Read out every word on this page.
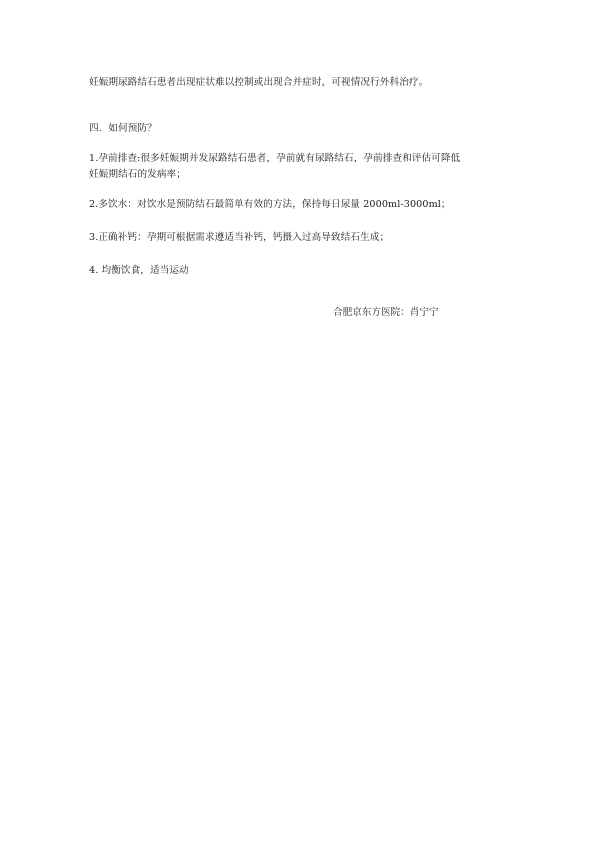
妊娠期尿路结石患者出现症状难以控制或出现合并症时，可视情况行外科治疗。
四．如何预防？
1.孕前排查:很多妊娠期并发尿路结石患者，孕前就有尿路结石，孕前排查和评估可降低妊娠期结石的发病率；
2.多饮水：对饮水是预防结石最简单有效的方法，保持每日尿量 2000ml-3000ml；
3.正确补钙：孕期可根据需求遵适当补钙，钙摄入过高导致结石生成；
4. 均衡饮食，适当运动
合肥京东方医院：肖宁宁
